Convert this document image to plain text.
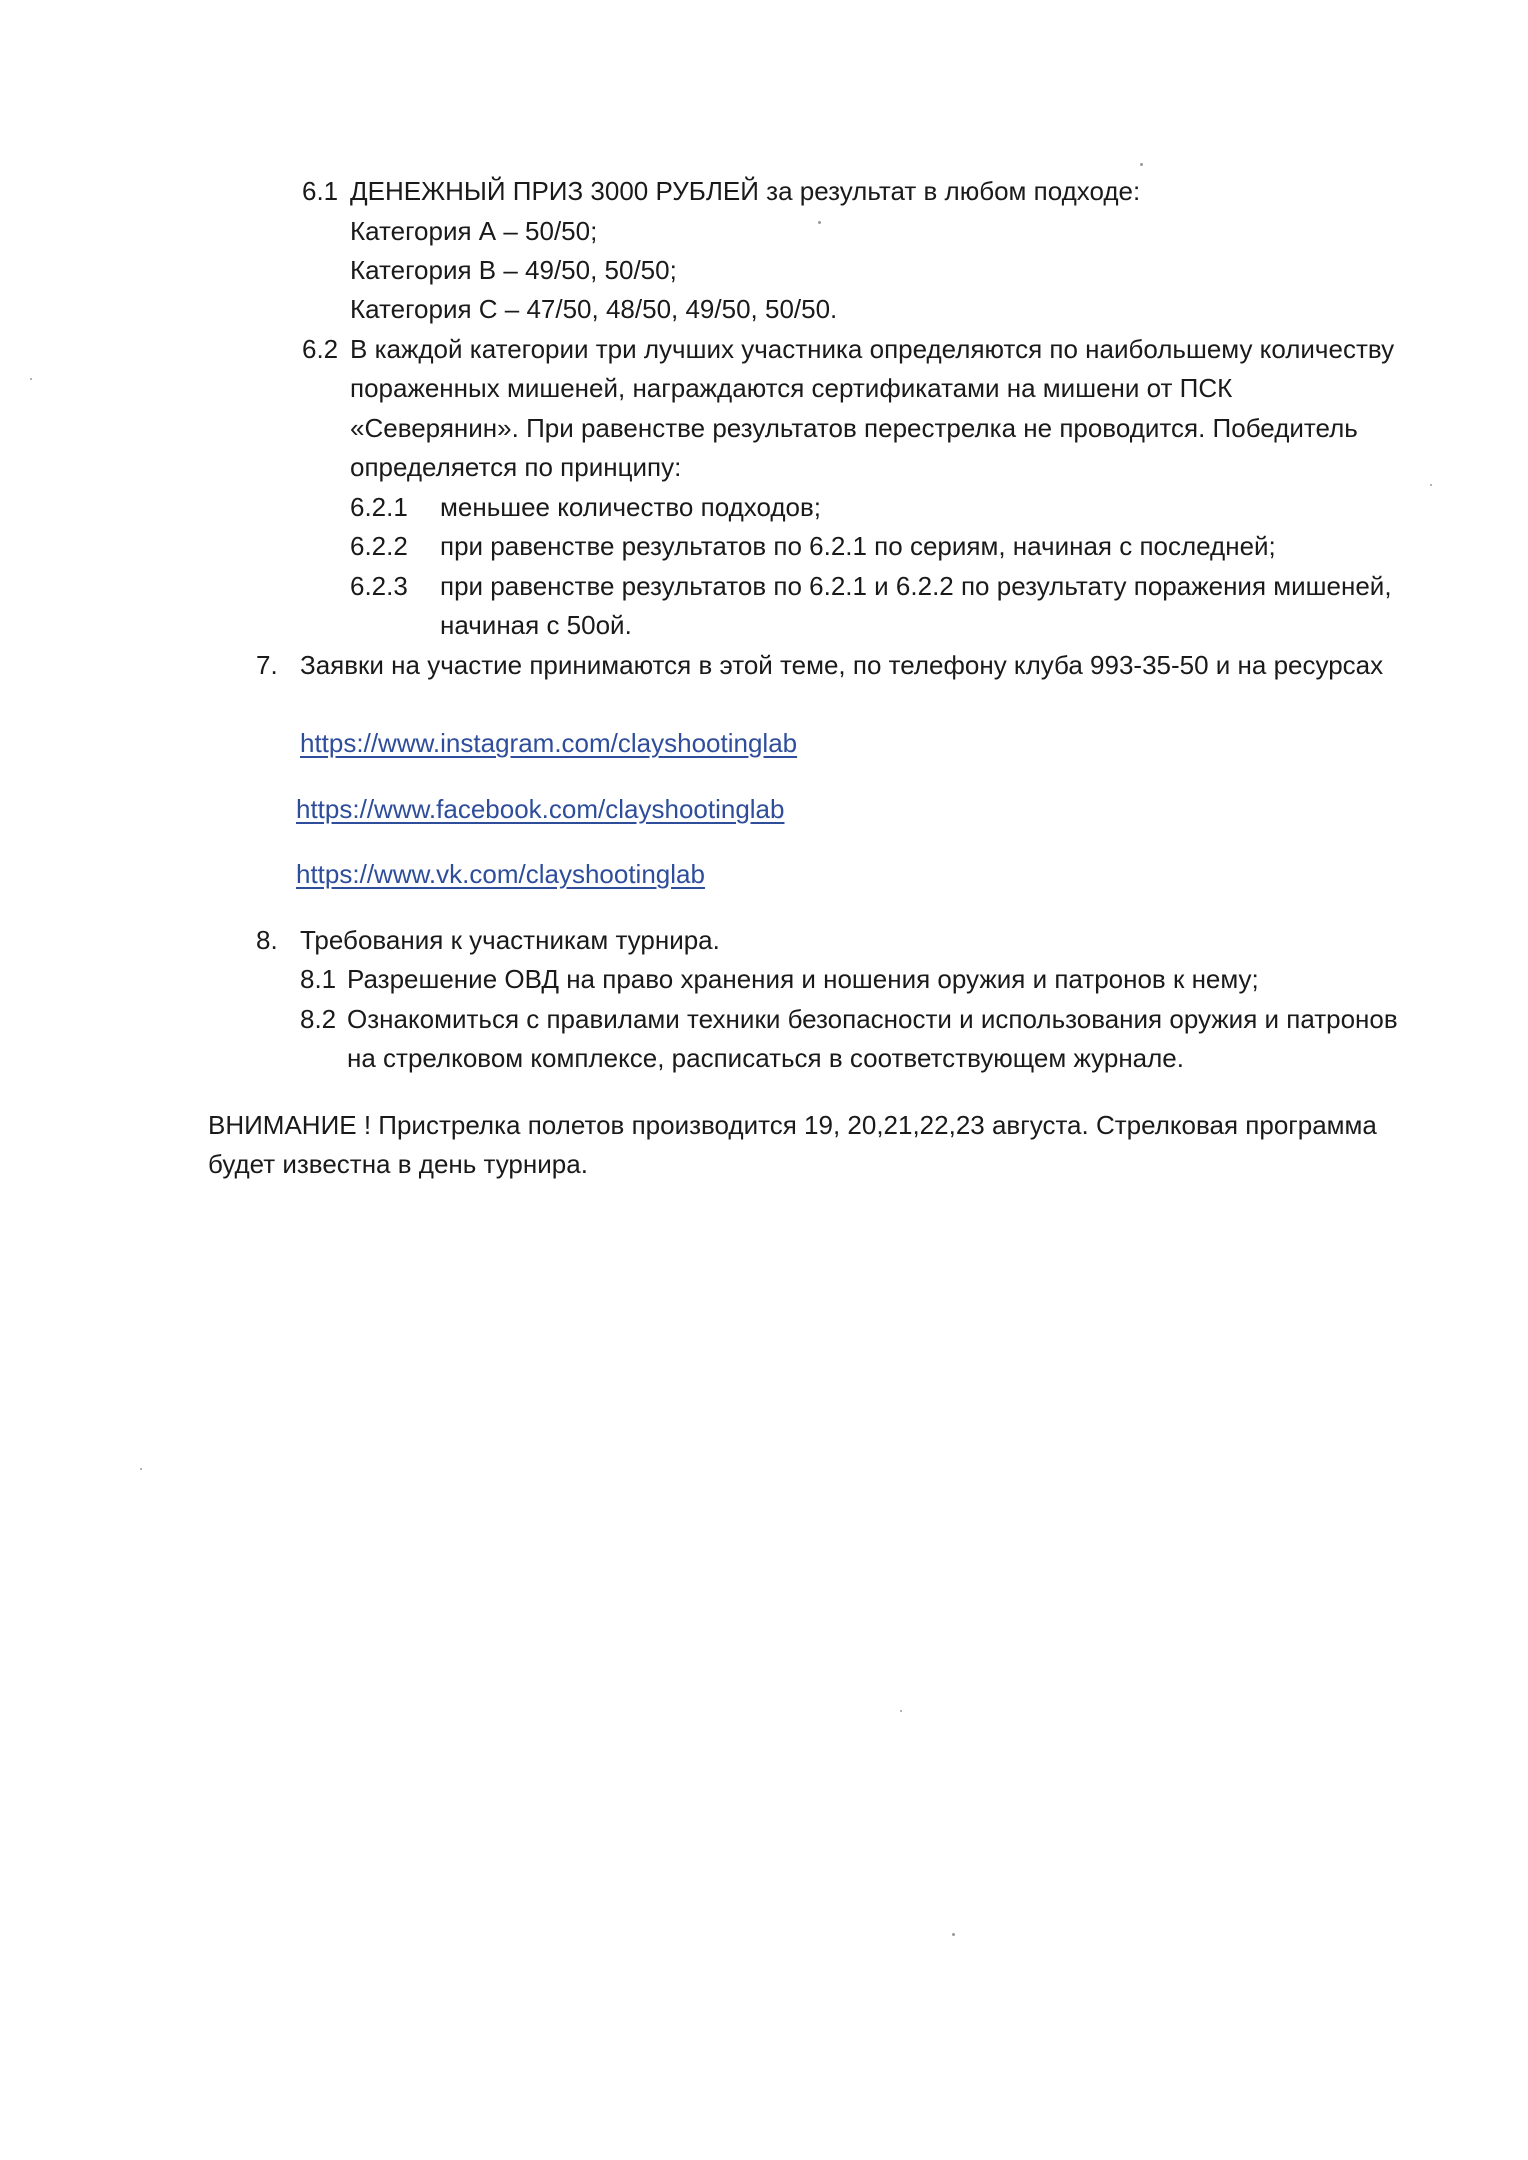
6.1 ДЕНЕЖНЫЙ ПРИЗ 3000 РУБЛЕЙ за результат в любом подходе:
Категория А – 50/50;
Категория В – 49/50, 50/50;
Категория С – 47/50, 48/50, 49/50, 50/50.
6.2 В каждой категории три лучших участника определяются по наибольшему количеству
пораженных мишеней, награждаются сертификатами на мишени от ПСК
«Северянин». При равенстве результатов перестрелка не проводится. Победитель
определяется по принципу:
6.2.1 меньшее количество подходов;
6.2.2 при равенстве результатов по 6.2.1 по сериям, начиная с последней;
6.2.3 при равенстве результатов по 6.2.1 и 6.2.2 по результату поражения мишеней,
начиная с 50ой.
7. Заявки на участие принимаются в этой теме, по телефону клуба 993-35-50 и на ресурсах
https://www.instagram.com/clayshootinglab
https://www.facebook.com/clayshootinglab
https://www.vk.com/clayshootinglab
8. Требования к участникам турнира.
8.1 Разрешение ОВД на право хранения и ношения оружия и патронов к нему;
8.2 Ознакомиться с правилами техники безопасности и использования оружия и патронов
на стрелковом комплексе, расписаться в соответствующем журнале.
ВНИМАНИЕ ! Пристрелка полетов производится 19, 20,21,22,23 августа. Стрелковая программа
будет известна в день турнира.
